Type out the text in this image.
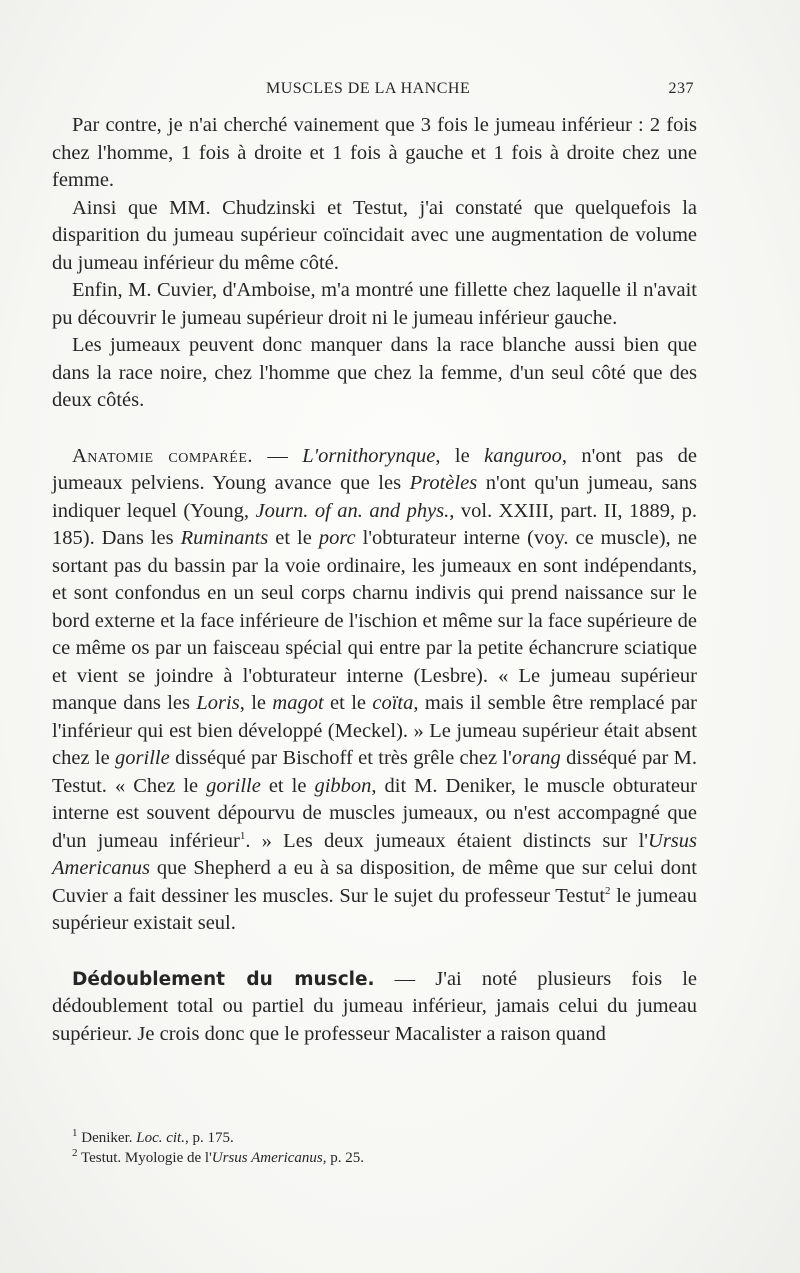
MUSCLES DE LA HANCHE	237

Par contre, je n'ai cherché vainement que 3 fois le jumeau inférieur : 2 fois chez l'homme, 1 fois à droite et 1 fois à gauche et 1 fois à droite chez une femme.

Ainsi que MM. Chudzinski et Testut, j'ai constaté que quelquefois la disparition du jumeau supérieur coïncidait avec une augmentation de volume du jumeau inférieur du même côté.

Enfin, M. Cuvier, d'Amboise, m'a montré une fillette chez laquelle il n'avait pu découvrir le jumeau supérieur droit ni le jumeau inférieur gauche.

Les jumeaux peuvent donc manquer dans la race blanche aussi bien que dans la race noire, chez l'homme que chez la femme, d'un seul côté que des deux côtés.

Anatomie comparée. — L'ornithorynque, le kanguroo, n'ont pas de jumeaux pelviens. Young avance que les Protèles n'ont qu'un jumeau, sans indiquer lequel (Young, Journ. of an. and phys., vol. XXIII, part. II, 1889, p. 185). Dans les Ruminants et le porc l'obturateur interne (voy. ce muscle), ne sortant pas du bassin par la voie ordinaire, les jumeaux en sont indépendants, et sont confondus en un seul corps charnu indivis qui prend naissance sur le bord externe et la face inférieure de l'ischion et même sur la face supérieure de ce même os par un faisceau spécial qui entre par la petite échancrure sciatique et vient se joindre à l'obturateur interne (Lesbre). « Le jumeau supérieur manque dans les Loris, le magot et le coïta, mais il semble être remplacé par l'inférieur qui est bien développé (Meckel). » Le jumeau supérieur était absent chez le gorille disséqué par Bischoff et très grêle chez l'orang disséqué par M. Testut. « Chez le gorille et le gibbon, dit M. Deniker, le muscle obturateur interne est souvent dépourvu de muscles jumeaux, ou n'est accompagné que d'un jumeau inférieur$^1$. » Les deux jumeaux étaient distincts sur l'Ursus Americanus que Shepherd a eu à sa disposition, de même que sur celui dont Cuvier a fait dessiner les muscles. Sur le sujet du professeur Testut$^2$ le jumeau supérieur existait seul.

Dédoublement du muscle. — J'ai noté plusieurs fois le dédoublement total ou partiel du jumeau inférieur, jamais celui du jumeau supérieur. Je crois donc que le professeur Macalister a raison quand

$^1$ Deniker. Loc. cit., p. 175.
$^2$ Testut. Myologie de l'Ursus Americanus, p. 25.
